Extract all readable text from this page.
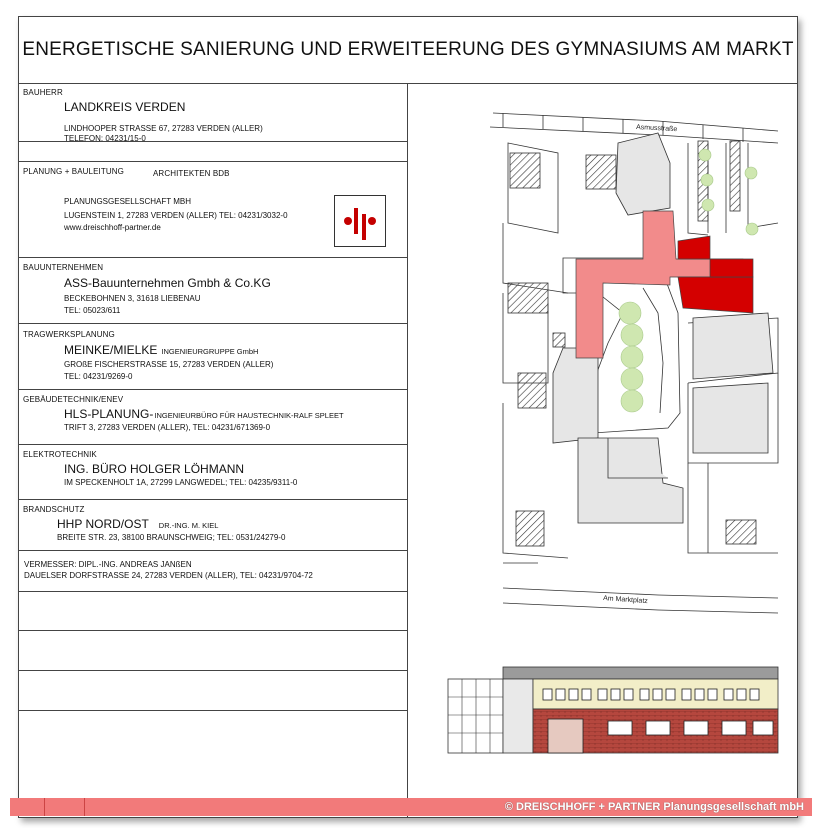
ENERGETISCHE SANIERUNG UND ERWEITEERUNG DES GYMNASIUMS AM MARKT
BAUHERR
LANDKREIS VERDEN
LINDHOOPER STRASSE 67, 27283 VERDEN (ALLER)
TELEFON: 04231/15-0
PLANUNG + BAULEITUNG	ARCHITEKTEN BDB
PLANUNGSGESELLSCHAFT MBH
LUGENSTEIN 1, 27283 VERDEN (ALLER) TEL: 04231/3032-0
www.dreischhoff-partner.de
BAUUNTERNEHMEN
ASS-Bauunternehmen Gmbh & Co.KG
BECKEBOHNEN 3, 31618 LIEBENAU
TEL: 05023/611
TRAGWERKSPLANUNG
MEINKE/MIELKE INGENIEURGRUPPE GmbH
GROßE FISCHERSTRASSE 15, 27283 VERDEN (ALLER)
TEL: 04231/9269-0
GEBÄUDETECHNIK/ENEV
HLS-PLANUNG-INGENIEURBÜRO FÜR HAUSTECHNIK-RALF SPLEET
TRIFT 3, 27283 VERDEN (ALLER), TEL: 04231/671369-0
ELEKTROTECHNIK
ING. BÜRO HOLGER LÖHMANN
IM SPECKENHOLT 1A, 27299 LANGWEDEL; TEL: 04235/9311-0
BRANDSCHUTZ
HHP NORD/OST DR.-ING. M. KIEL
BREITE STR. 23, 38100 BRAUNSCHWEIG; TEL: 0531/24279-0
VERMESSER: DIPL.-ING. ANDREAS JANßEN
DAUELSER DORFSTRASSE 24, 27283 VERDEN (ALLER), TEL: 04231/9704-72
Asmusstraße
Am Marktplatz
© DREISCHHOFF + PARTNER Planungsgesellschaft mbH
